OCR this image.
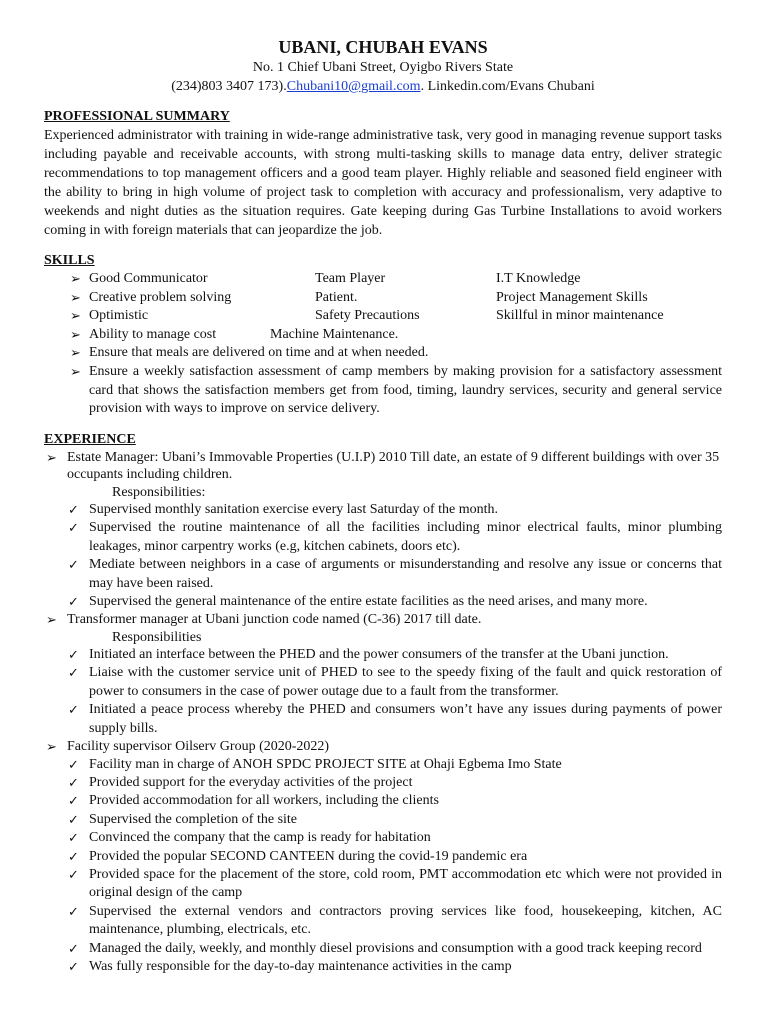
UBANI, CHUBAH EVANS
No. 1 Chief Ubani Street, Oyigbo Rivers State
(234)803 3407 173).Chubani10@gmail.com. Linkedin.com/Evans Chubani
PROFESSIONAL SUMMARY
Experienced administrator with training in wide-range administrative task, very good in managing revenue support tasks including payable and receivable accounts, with strong multi-tasking skills to manage data entry, deliver strategic recommendations to top management officers and a good team player. Highly reliable and seasoned field engineer with the ability to bring in high volume of project task to completion with accuracy and professionalism, very adaptive to weekends and night duties as the situation requires. Gate keeping during Gas Turbine Installations to avoid workers coming in with foreign materials that can jeopardize the job.
SKILLS
➢ Good Communicator	Team Player	I.T Knowledge
➢ Creative problem solving	Patient.	Project Management Skills
➢ Optimistic	Safety Precautions	Skillful in minor maintenance
➢ Ability to manage cost	Machine Maintenance.
➢ Ensure that meals are delivered on time and at when needed.
➢ Ensure a weekly satisfaction assessment of camp members by making provision for a satisfactory assessment card that shows the satisfaction members get from food, timing, laundry services, security and general service provision with ways to improve on service delivery.
EXPERIENCE
➢ Estate Manager: Ubani’s Immovable Properties (U.I.P) 2010 Till date, an estate of 9 different buildings with over 35 occupants including children.
Responsibilities:
✓ Supervised monthly sanitation exercise every last Saturday of the month.
✓ Supervised the routine maintenance of all the facilities including minor electrical faults, minor plumbing leakages, minor carpentry works (e.g, kitchen cabinets, doors etc).
✓ Mediate between neighbors in a case of arguments or misunderstanding and resolve any issue or concerns that may have been raised.
✓ Supervised the general maintenance of the entire estate facilities as the need arises, and many more.
➢ Transformer manager at Ubani junction code named (C-36) 2017 till date.
Responsibilities
✓ Initiated an interface between the PHED and the power consumers of the transfer at the Ubani junction.
✓ Liaise with the customer service unit of PHED to see to the speedy fixing of the fault and quick restoration of power to consumers in the case of power outage due to a fault from the transformer.
✓ Initiated a peace process whereby the PHED and consumers won’t have any issues during payments of power supply bills.
➢ Facility supervisor Oilserv Group (2020-2022)
✓ Facility man in charge of ANOH SPDC PROJECT SITE at Ohaji Egbema Imo State
✓ Provided support for the everyday activities of the project
✓ Provided accommodation for all workers, including the clients
✓ Supervised the completion of the site
✓ Convinced the company that the camp is ready for habitation
✓ Provided the popular SECOND CANTEEN during the covid-19 pandemic era
✓ Provided space for the placement of the store, cold room, PMT accommodation etc which were not provided in original design of the camp
✓ Supervised the external vendors and contractors proving services like food, housekeeping, kitchen, AC maintenance, plumbing, electricals, etc.
✓ Managed the daily, weekly, and monthly diesel provisions and consumption with a good track keeping record
✓ Was fully responsible for the day-to-day maintenance activities in the camp
